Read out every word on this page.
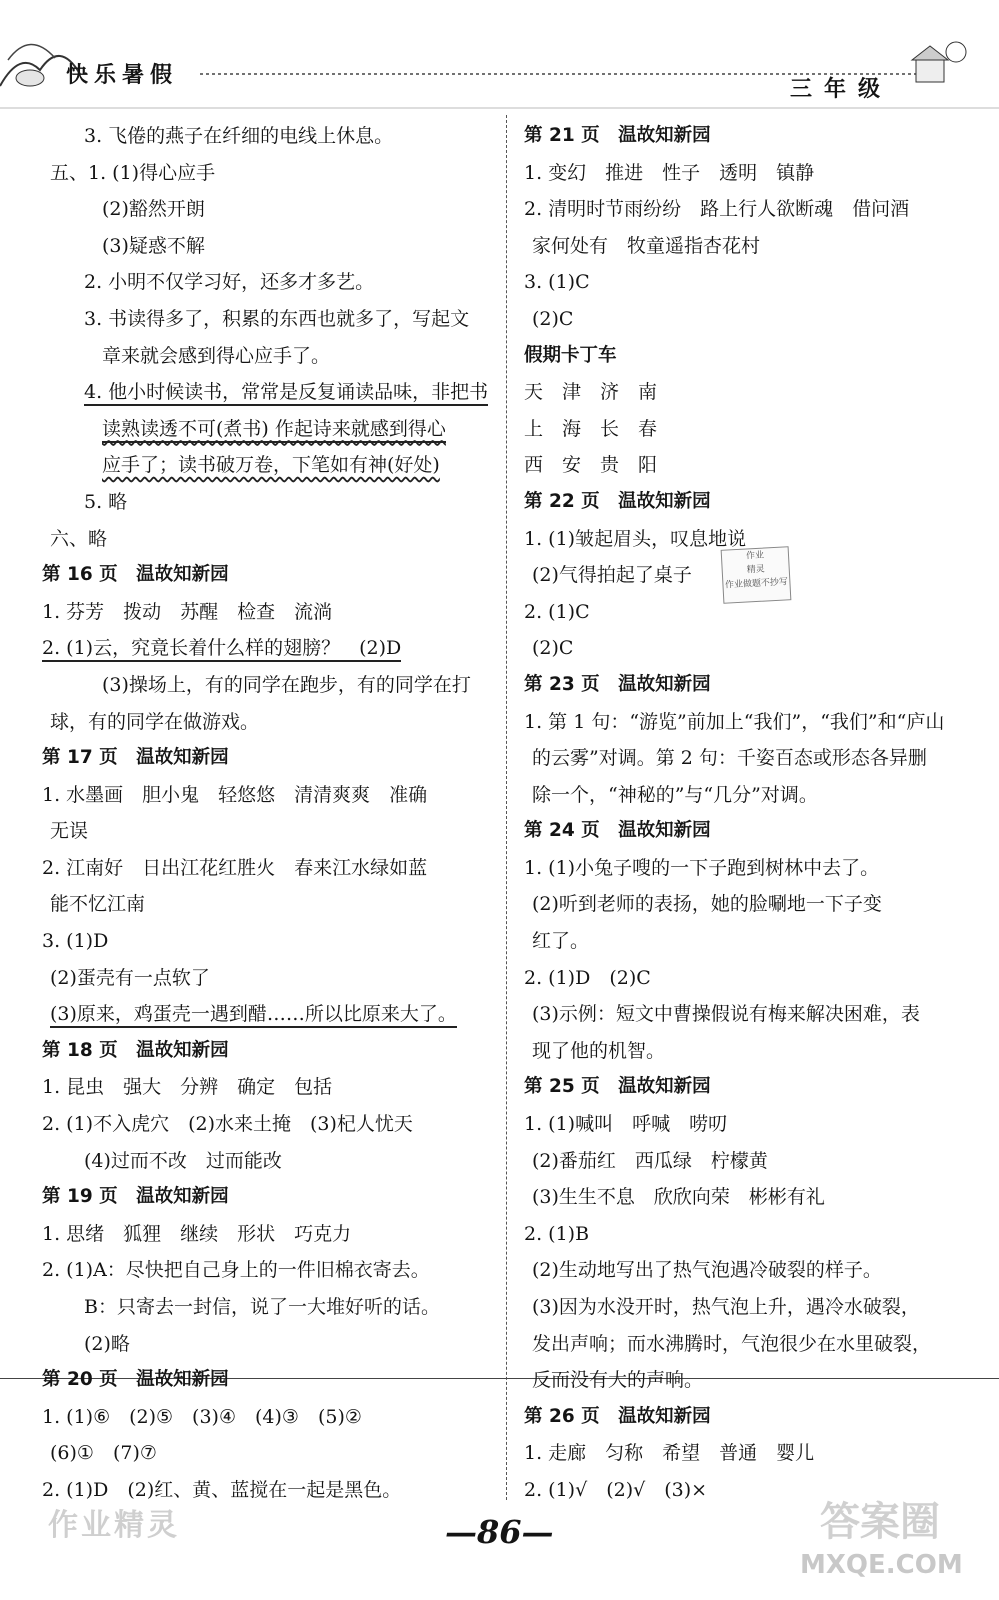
快乐暑假
三年级
3. 飞倦的燕子在纤细的电线上休息。
五、1. (1)得心应手
(2)豁然开朗
(3)疑惑不解
2. 小明不仅学习好，还多才多艺。
3. 书读得多了，积累的东西也就多了，写起文
章来就会感到得心应手了。
4. 他小时候读书，常常是反复诵读品味，非把书
读熟读透不可(煮书) 作起诗来就感到得心
应手了；读书破万卷，下笔如有神(好处)
5. 略
六、略
第 16 页　温故知新园
1. 芬芳　拨动　苏醒　检查　流淌
2. (1)云，究竟长着什么样的翅膀？　(2)D
(3)操场上，有的同学在跑步，有的同学在打
球，有的同学在做游戏。
第 17 页　温故知新园
1. 水墨画　胆小鬼　轻悠悠　清清爽爽　准确
无误
2. 江南好　日出江花红胜火　春来江水绿如蓝
能不忆江南
3. (1)D
(2)蛋壳有一点软了
(3)原来，鸡蛋壳一遇到醋……所以比原来大了。
第 18 页　温故知新园
1. 昆虫　强大　分辨　确定　包括
2. (1)不入虎穴　(2)水来土掩　(3)杞人忧天
(4)过而不改　过而能改
第 19 页　温故知新园
1. 思绪　狐狸　继续　形状　巧克力
2. (1)A：尽快把自己身上的一件旧棉衣寄去。
B：只寄去一封信，说了一大堆好听的话。
(2)略
第 20 页　温故知新园
1. (1)⑥　(2)⑤　(3)④　(4)③　(5)②
(6)①　(7)⑦
2. (1)D　(2)红、黄、蓝搅在一起是黑色。
第 21 页　温故知新园
1. 变幻　推进　性子　透明　镇静
2. 清明时节雨纷纷　路上行人欲断魂　借问酒
家何处有　牧童遥指杏花村
3. (1)C
(2)C
假期卡丁车
天　津　济　南
上　海　长　春
西　安　贵　阳
第 22 页　温故知新园
1. (1)皱起眉头，叹息地说
(2)气得拍起了桌子
2. (1)C
(2)C
第 23 页　温故知新园
1. 第 1 句：“游览”前加上“我们”，“我们”和“庐山
的云雾”对调。第 2 句：千姿百态或形态各异删
除一个，“神秘的”与“几分”对调。
第 24 页　温故知新园
1. (1)小兔子嗖的一下子跑到树林中去了。
(2)听到老师的表扬，她的脸唰地一下子变
红了。
2. (1)D　(2)C
(3)示例：短文中曹操假说有梅来解决困难，表
现了他的机智。
第 25 页　温故知新园
1. (1)喊叫　呼喊　唠叨
(2)番茄红　西瓜绿　柠檬黄
(3)生生不息　欣欣向荣　彬彬有礼
2. (1)B
(2)生动地写出了热气泡遇冷破裂的样子。
(3)因为水没开时，热气泡上升，遇冷水破裂，
发出声响；而水沸腾时，气泡很少在水里破裂，
反而没有大的声响。
第 26 页　温故知新园
1. 走廊　匀称　希望　普通　婴儿
2. (1)√　(2)√　(3)×
作业
精灵
作业做题不抄写
—86—
作业精灵	答案圈
MXQE.COM
